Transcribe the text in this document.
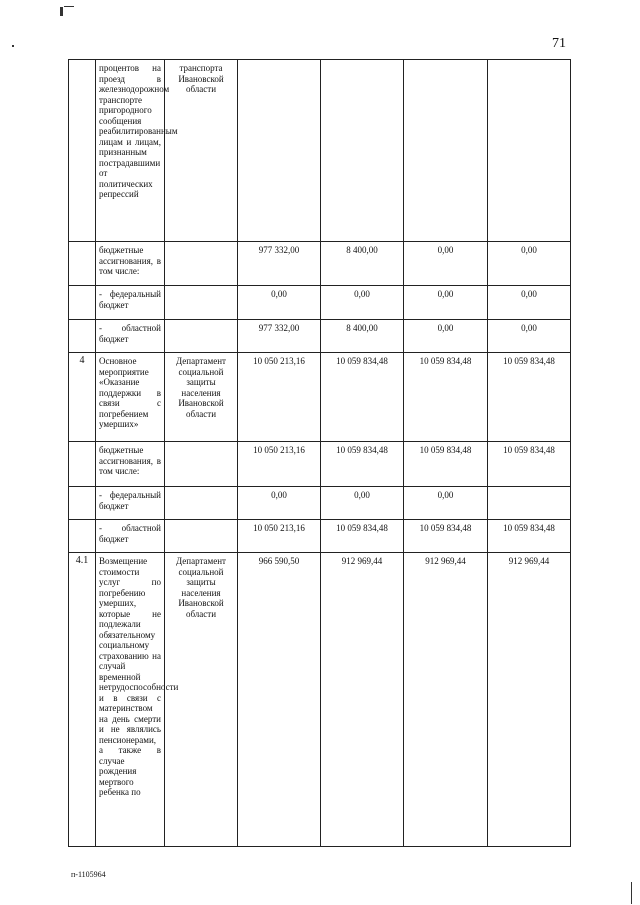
71
	процентов на проезд в железнодорожном транспорте пригородного сообщения реабилитированным лицам и лицам, признанным пострадавшими от политических репрессий	транспорта Ивановской области				
	бюджетные ассигнования, в том числе:		977 332,00	8 400,00	0,00	0,00
	- федеральный бюджет		0,00	0,00	0,00	0,00
	- областной бюджет		977 332,00	8 400,00	0,00	0,00
4	Основное мероприятие «Оказание поддержки в связи с погребением умерших»	Департамент социальной защиты населения Ивановской области	10 050 213,16	10 059 834,48	10 059 834,48	10 059 834,48
	бюджетные ассигнования, в том числе:		10 050 213,16	10 059 834,48	10 059 834,48	10 059 834,48
	- федеральный бюджет		0,00	0,00	0,00	
	- областной бюджет		10 050 213,16	10 059 834,48	10 059 834,48	10 059 834,48
4.1	Возмещение стоимости услуг по погребению умерших, которые не подлежали обязательному социальному страхованию на случай временной нетрудоспособности и в связи с материнством на день смерти и не являлись пенсионерами, а также в случае рождения мертвого ребенка по	Департамент социальной защиты населения Ивановской области	966 590,50	912 969,44	912 969,44	912 969,44
п-1105964
